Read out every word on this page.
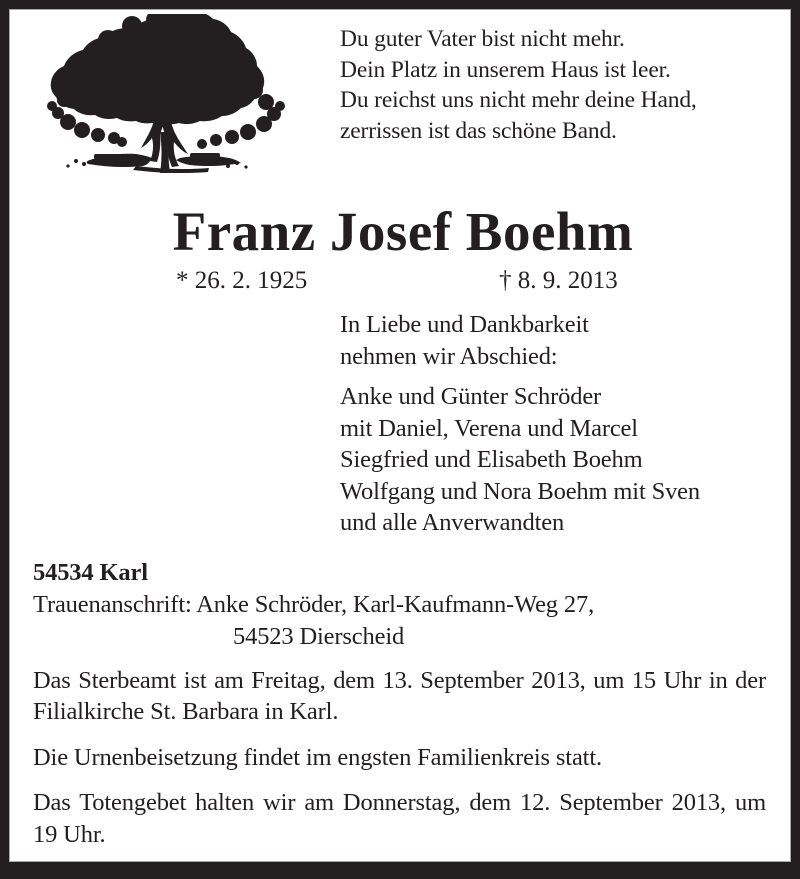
Du guter Vater bist nicht mehr.
Dein Platz in unserem Haus ist leer.
Du reichst uns nicht mehr deine Hand,
zerrissen ist das schöne Band.
Franz Josef Boehm
* 26. 2. 1925	† 8. 9. 2013
In Liebe und Dankbarkeit
nehmen wir Abschied:
Anke und Günter Schröder
mit Daniel, Verena und Marcel
Siegfried und Elisabeth Boehm
Wolfgang und Nora Boehm mit Sven
und alle Anverwandten
54534 Karl
Trauenanschrift: Anke Schröder, Karl-Kaufmann-Weg 27,
54523 Dierscheid

Das Sterbeamt ist am Freitag, dem 13. September 2013, um 15 Uhr in der Filialkirche St. Barbara in Karl.

Die Urnenbeisetzung findet im engsten Familienkreis statt.

Das Totengebet halten wir am Donnerstag, dem 12. September 2013, um 19 Uhr.
